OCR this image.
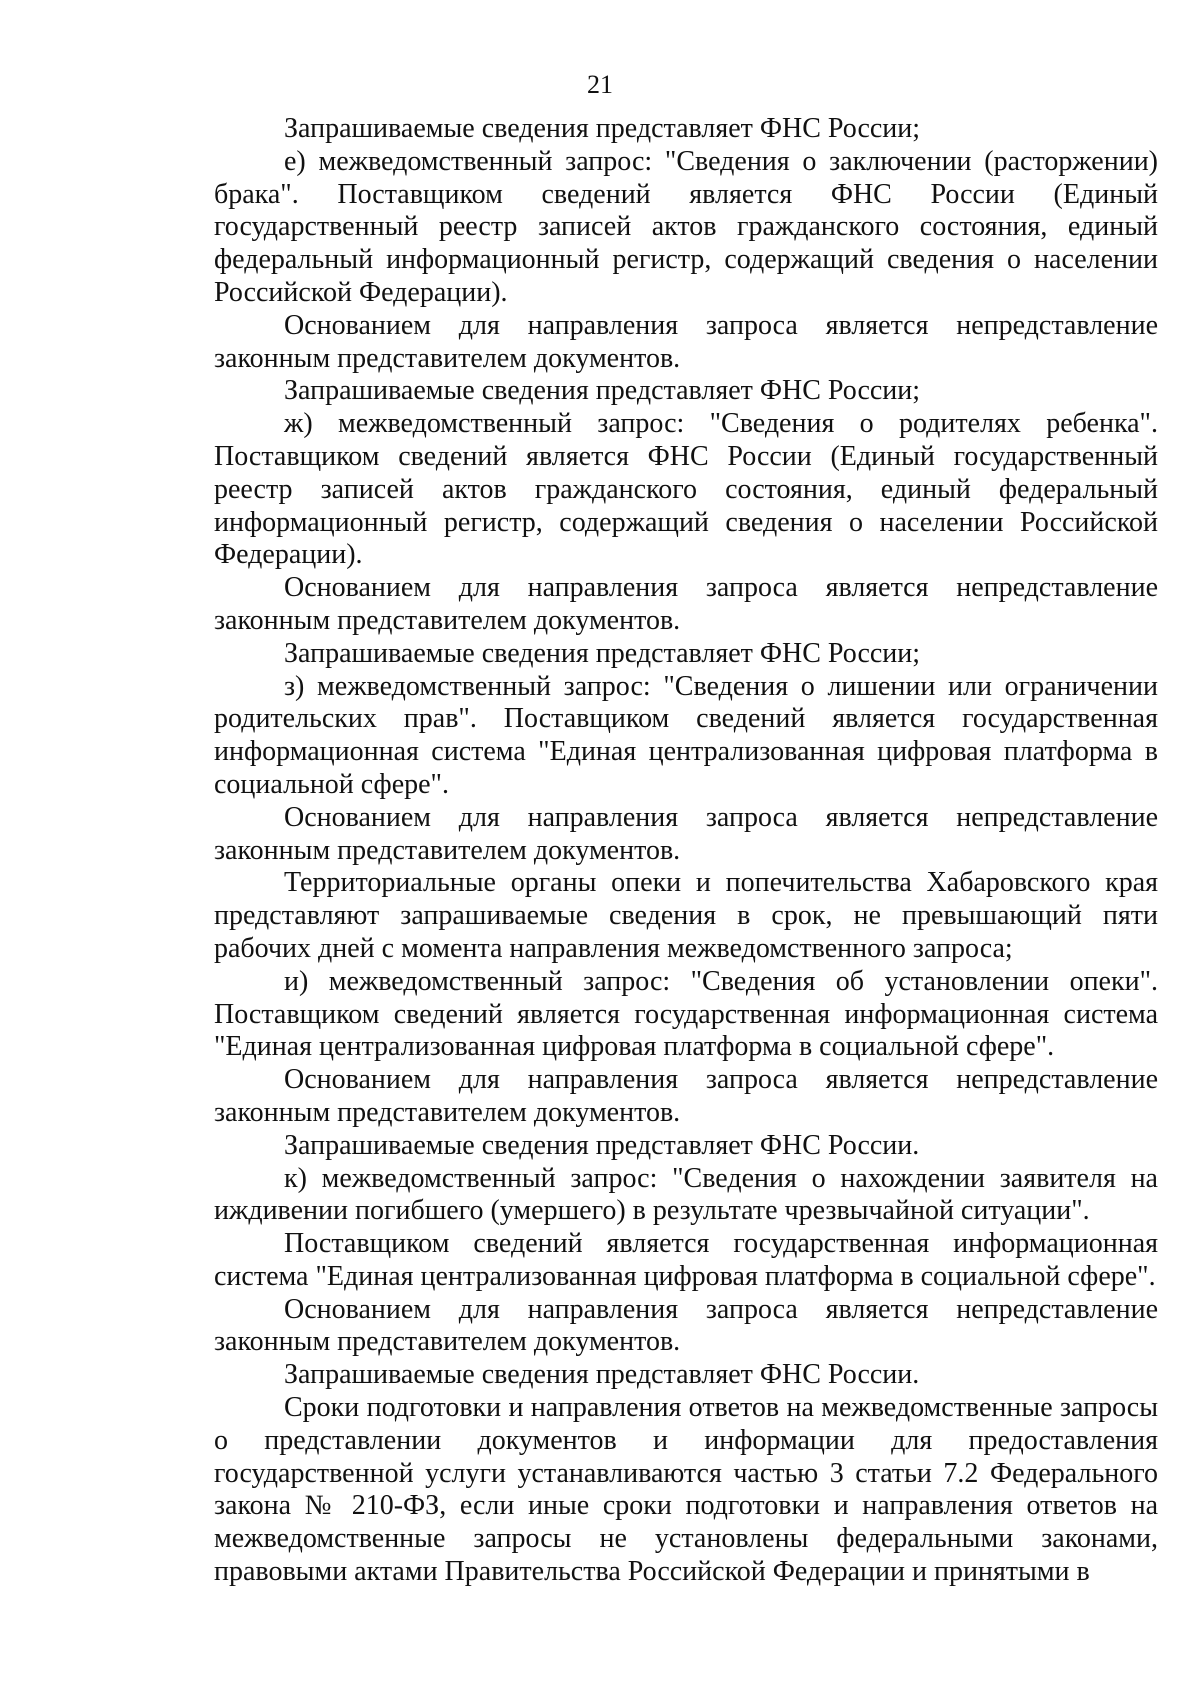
21

Запрашиваемые сведения представляет ФНС России;

е) межведомственный запрос: "Сведения о заключении (расторжении) брака". Поставщиком сведений является ФНС России (Единый государственный реестр записей актов гражданского состояния, единый федеральный информационный регистр, содержащий сведения о населении Российской Федерации).

Основанием для направления запроса является непредставление законным представителем документов.

Запрашиваемые сведения представляет ФНС России;

ж) межведомственный запрос: "Сведения о родителях ребенка". Поставщиком сведений является ФНС России (Единый государственный реестр записей актов гражданского состояния, единый федеральный информационный регистр, содержащий сведения о населении Российской Федерации).

Основанием для направления запроса является непредставление законным представителем документов.

Запрашиваемые сведения представляет ФНС России;

з) межведомственный запрос: "Сведения о лишении или ограничении родительских прав". Поставщиком сведений является государственная информационная система "Единая централизованная цифровая платформа в социальной сфере".

Основанием для направления запроса является непредставление законным представителем документов.

Территориальные органы опеки и попечительства Хабаровского края представляют запрашиваемые сведения в срок, не превышающий пяти рабочих дней с момента направления межведомственного запроса;

и) межведомственный запрос: "Сведения об установлении опеки". Поставщиком сведений является государственная информационная система "Единая централизованная цифровая платформа в социальной сфере".

Основанием для направления запроса является непредставление законным представителем документов.

Запрашиваемые сведения представляет ФНС России.

к) межведомственный запрос: "Сведения о нахождении заявителя на иждивении погибшего (умершего) в результате чрезвычайной ситуации".

Поставщиком сведений является государственная информационная система "Единая централизованная цифровая платформа в социальной сфере".

Основанием для направления запроса является непредставление законным представителем документов.

Запрашиваемые сведения представляет ФНС России.

Сроки подготовки и направления ответов на межведомственные запросы о представлении документов и информации для предоставления государственной услуги устанавливаются частью 3 статьи 7.2 Федерального закона № 210-ФЗ, если иные сроки подготовки и направления ответов на межведомственные запросы не установлены федеральными законами, правовыми актами Правительства Российской Федерации и принятыми в
